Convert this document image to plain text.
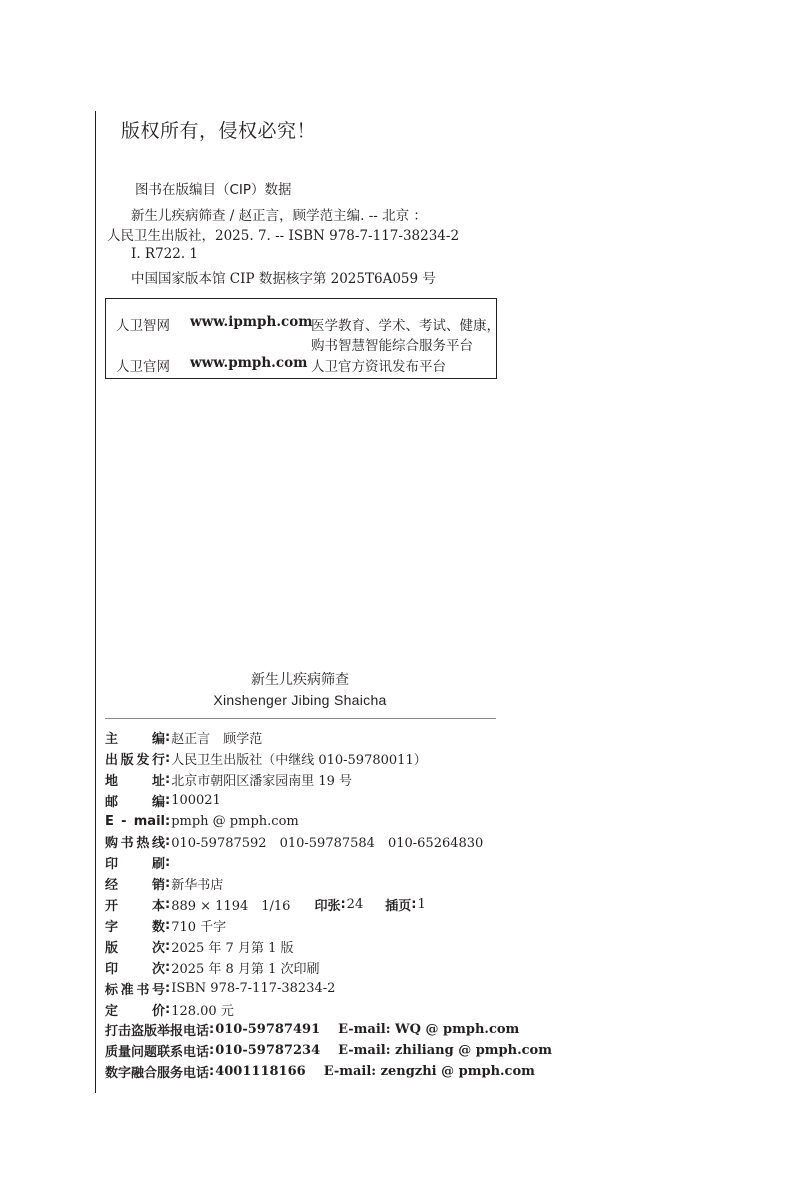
版权所有，侵权必究！
图书在版编目（CIP）数据
新生儿疾病筛查 / 赵正言，顾学范主编. -- 北京 ：
人民卫生出版社，2025. 7. -- ISBN 978-7-117-38234-2
Ⅰ. R722. 1
中国国家版本馆 CIP 数据核字第 2025T6A059 号
人卫智网 www.ipmph.com
医学教育、学术、考试、健康，
购书智慧智能综合服务平台
人卫官网 www.pmph.com 人卫官方资讯发布平台
新生儿疾病筛查
Xinshenger Jibing Shaicha
主编 : 赵正言　顾学范
出版发行 : 人民卫生出版社（中继线 010-59780011）
地址 : 北京市朝阳区潘家园南里 19 号
邮编 : 100021
E - mail : pmph @ pmph.com
购书热线 : 010-59787592　010-59787584　010-65264830
印刷 :
经销 : 新华书店
开本 : 889 × 1194　1/16 印张 : 24 插页 : 1
字数 : 710 千字
版次 : 2025 年 7 月第 1 版
印次 : 2025 年 8 月第 1 次印刷
标准书号 : ISBN 978-7-117-38234-2
定价 : 128.00 元
打击盗版举报电话 : 010-59787491 E-mail: WQ @ pmph.com
质量问题联系电话 : 010-59787234 E-mail: zhiliang @ pmph.com
数字融合服务电话 : 4001118166 E-mail: zengzhi @ pmph.com
